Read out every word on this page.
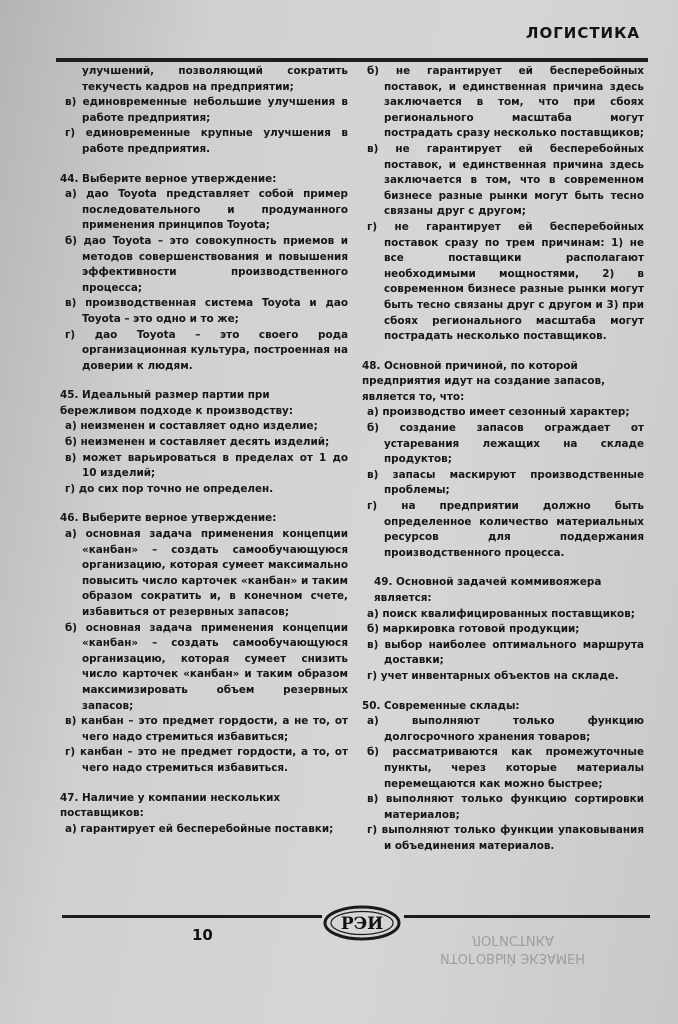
ЛОГИСТИКА
улучшений, позволяющий сократить текучесть кадров на предприятии;
в) единовременные небольшие улучшения в работе предприятия;
г) единовременные крупные улучшения в работе предприятия.
44. Выберите верное утверждение:
а) дао Toyota представляет собой пример последовательного и продуманного применения принципов Toyota;
б) дао Toyota – это совокупность приемов и методов совершенствования и повышения эффективности производственного процесса;
в) производственная система Toyota и дао Toyota – это одно и то же;
г) дао Toyota – это своего рода организационная культура, построенная на доверии к людям.
45. Идеальный размер партии при бережливом подходе к производству:
а) неизменен и составляет одно изделие;
б) неизменен и составляет десять изделий;
в) может варьироваться в пределах от 1 до 10 изделий;
г) до сих пор точно не определен.
46. Выберите верное утверждение:
а) основная задача применения концепции «канбан» – создать самообучающуюся организацию, которая сумеет максимально повысить число карточек «канбан» и таким образом сократить и, в конечном счете, избавиться от резервных запасов;
б) основная задача применения концепции «канбан» – создать самообучающуюся организацию, которая сумеет снизить число карточек «канбан» и таким образом максимизировать объем резервных запасов;
в) канбан – это предмет гордости, а не то, от чего надо стремиться избавиться;
г) канбан – это не предмет гордости, а то, от чего надо стремиться избавиться.
47. Наличие у компании нескольких поставщиков:
а) гарантирует ей бесперебойные поставки;
б) не гарантирует ей бесперебойных поставок, и единственная причина здесь заключается в том, что при сбоях регионального масштаба могут пострадать сразу несколько поставщиков;
в) не гарантирует ей бесперебойных поставок, и единственная причина здесь заключается в том, что в современном бизнесе разные рынки могут быть тесно связаны друг с другом;
г) не гарантирует ей бесперебойных поставок сразу по трем причинам: 1) не все поставщики располагают необходимыми мощностями, 2) в современном бизнесе разные рынки могут быть тесно связаны друг с другом и 3) при сбоях регионального масштаба могут пострадать несколько поставщиков.
48. Основной причиной, по которой предприятия идут на создание запасов, является то, что:
а) производство имеет сезонный характер;
б) создание запасов ограждает от устаревания лежащих на складе продуктов;
в) запасы маскируют производственные проблемы;
г) на предприятии должно быть определенное количество материальных ресурсов для поддержания производственного процесса.
49. Основной задачей коммивояжера является:
а) поиск квалифицированных поставщиков;
б) маркировка готовой продукции;
в) выбор наиболее оптимального маршрута доставки;
г) учет инвентарных объектов на складе.
50. Современные склады:
а) выполняют только функцию долгосрочного хранения товаров;
б) рассматриваются как промежуточные пункты, через которые материалы перемещаются как можно быстрее;
в) выполняют только функцию сортировки материалов;
г) выполняют только функции упаковывания и объединения материалов.
10
РЭИ
ИТОГОВЫЙ ЭКЗАМЕН
ЛОГИСТИКА
